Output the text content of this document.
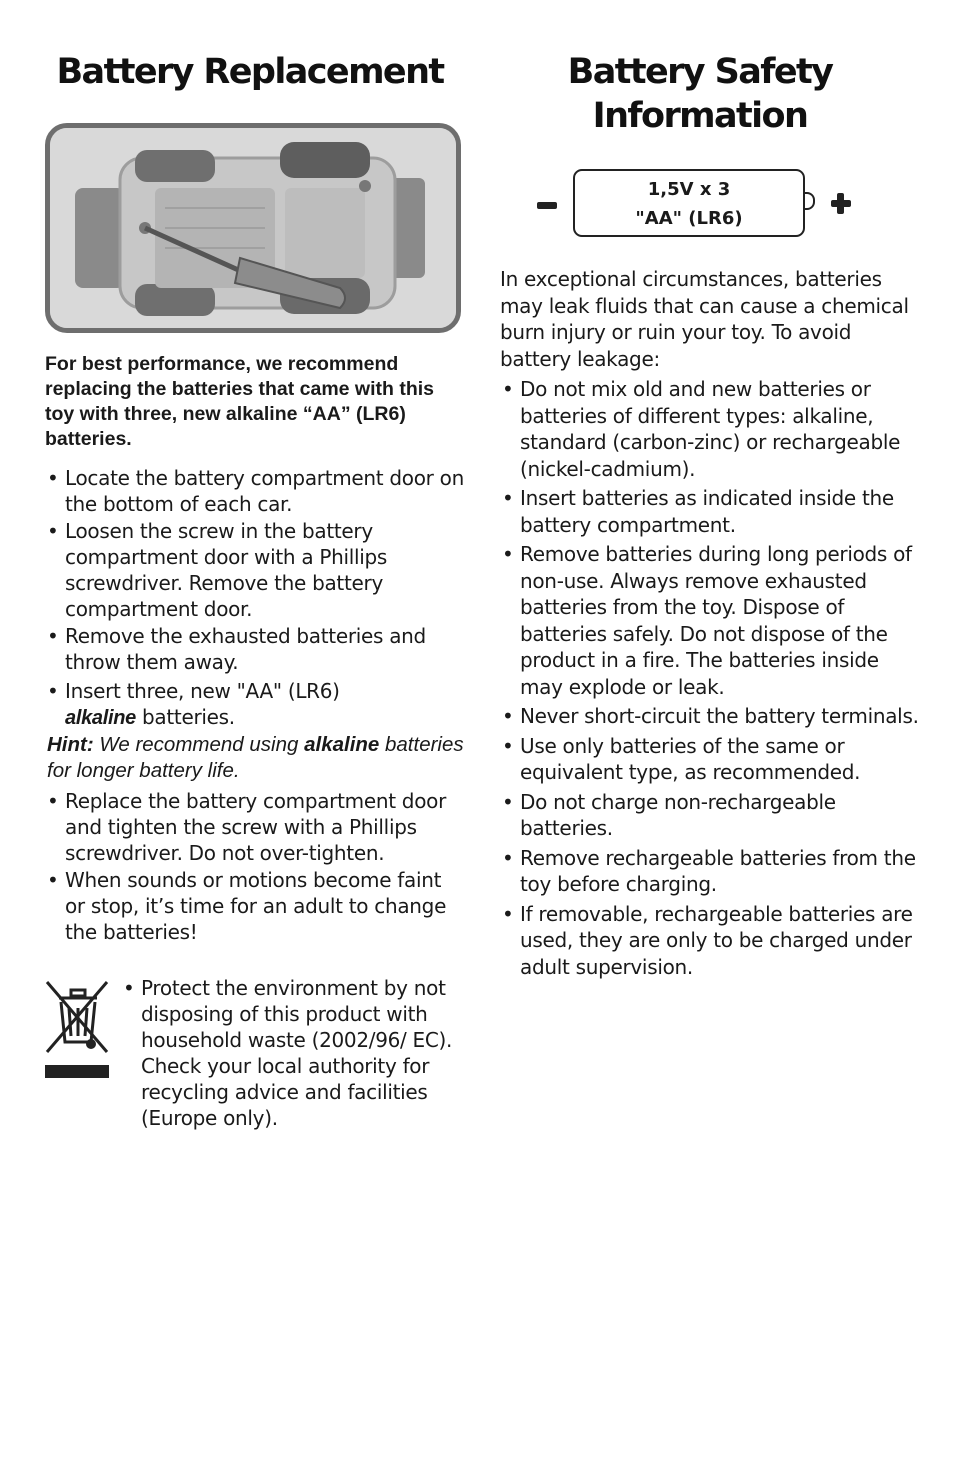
Battery Replacement

For best performance, we recommend replacing the batteries that came with this toy with three, new alkaline “AA” (LR6) batteries.

• Locate the battery compartment door on the bottom of each car.
• Loosen the screw in the battery compartment door with a Phillips screwdriver. Remove the battery compartment door.
• Remove the exhausted batteries and throw them away.
• Insert three, new "AA" (LR6)
alkaline batteries.

Hint: We recommend using alkaline batteries for longer battery life.

• Replace the battery compartment door and tighten the screw with a Phillips screwdriver. Do not over-tighten.
• When sounds or motions become faint or stop, it’s time for an adult to change the batteries!
• Protect the environment by not disposing of this product with household waste (2002/96/ EC). Check your local authority for recycling advice and facilities (Europe only).
Battery Safety
Information
1,5V x 3
"AA" (LR6)

In exceptional circumstances, batteries may leak fluids that can cause a chemical burn injury or ruin your toy. To avoid battery leakage:

• Do not mix old and new batteries or batteries of different types: alkaline, standard (carbon-zinc) or rechargeable (nickel-cadmium).
• Insert batteries as indicated inside the battery compartment.
• Remove batteries during long periods of non-use. Always remove exhausted batteries from the toy. Dispose of batteries safely. Do not dispose of the product in a fire. The batteries inside may explode or leak.
• Never short-circuit the battery terminals.
• Use only batteries of the same or equivalent type, as recommended.
• Do not charge non-rechargeable batteries.
• Remove rechargeable batteries from the toy before charging.
• If removable, rechargeable batteries are used, they are only to be charged under adult supervision.
